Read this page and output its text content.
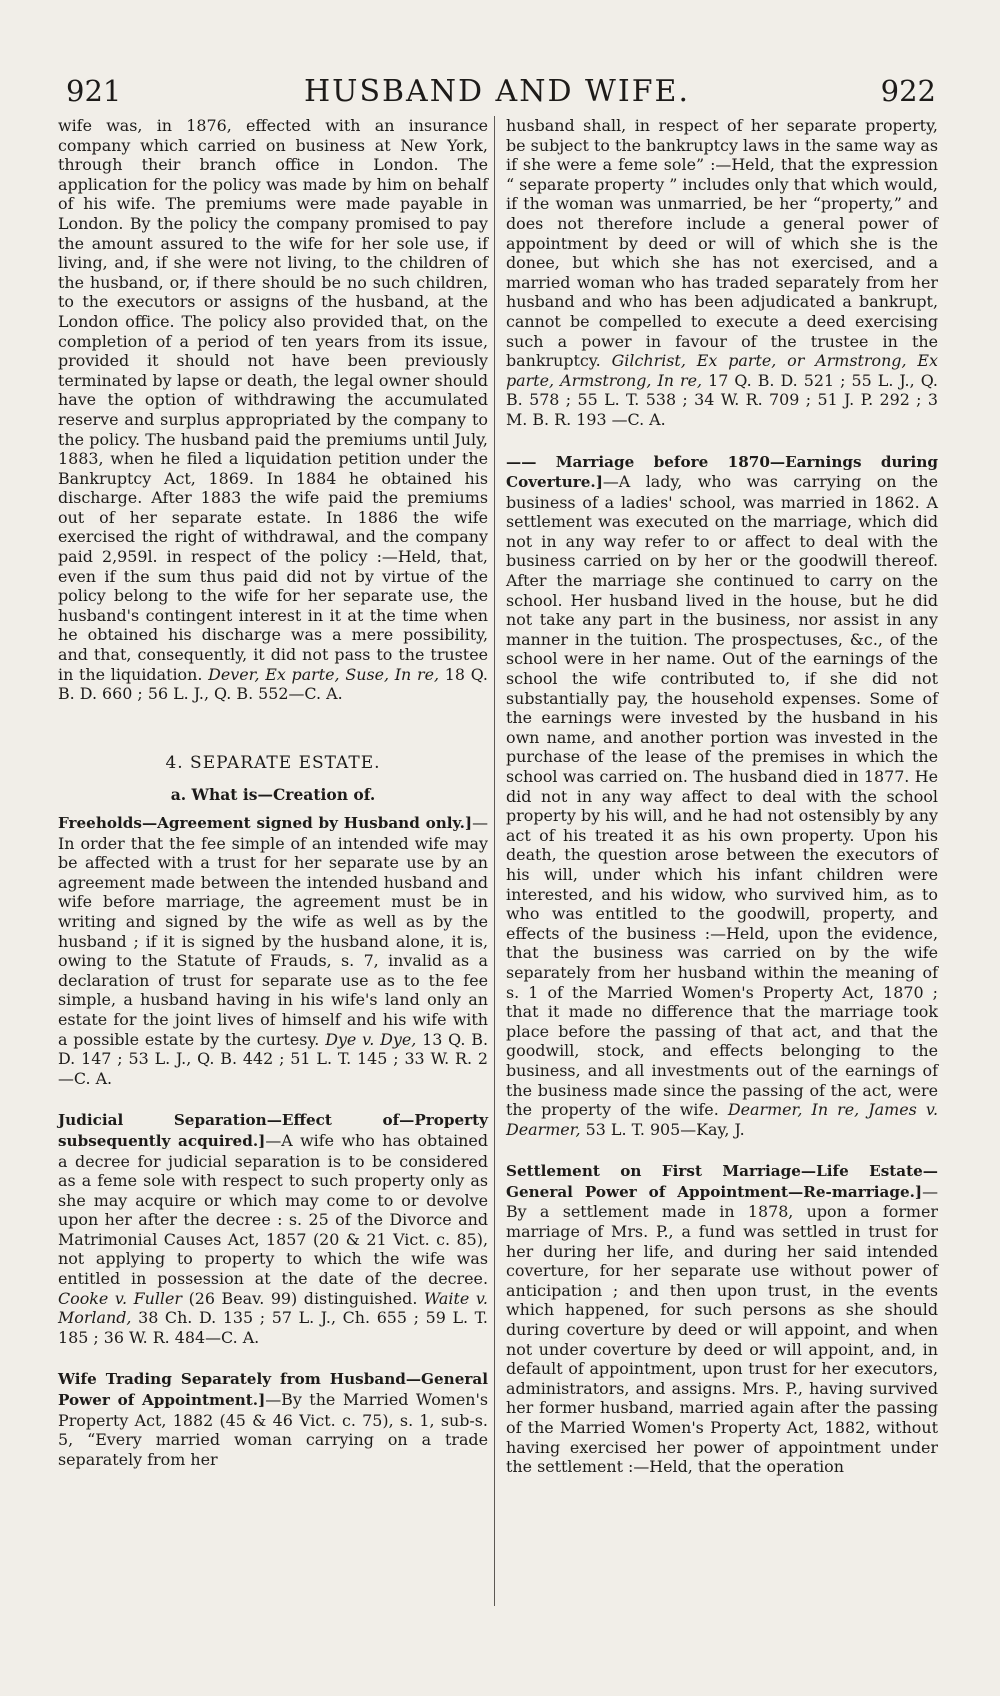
921	HUSBAND AND WIFE.	922

wife was, in 1876, effected with an insurance company which carried on business at New York, through their branch office in London. The application for the policy was made by him on behalf of his wife. The premiums were made payable in London. By the policy the company promised to pay the amount assured to the wife for her sole use, if living, and, if she were not living, to the children of the husband, or, if there should be no such children, to the executors or assigns of the husband, at the London office. The policy also provided that, on the completion of a period of ten years from its issue, provided it should not have been previously terminated by lapse or death, the legal owner should have the option of withdrawing the accumulated reserve and surplus appropriated by the company to the policy. The husband paid the premiums until July, 1883, when he filed a liquidation petition under the Bankruptcy Act, 1869. In 1884 he obtained his discharge. After 1883 the wife paid the premiums out of her separate estate. In 1886 the wife exercised the right of withdrawal, and the company paid 2,959l. in respect of the policy :—Held, that, even if the sum thus paid did not by virtue of the policy belong to the wife for her separate use, the husband's contingent interest in it at the time when he obtained his discharge was a mere possibility, and that, consequently, it did not pass to the trustee in the liquidation. Dever, Ex parte, Suse, In re, 18 Q. B. D. 660 ; 56 L. J., Q. B. 552—C. A.

4. SEPARATE ESTATE.
a. What is—Creation of.

Freeholds—Agreement signed by Husband only.]—In order that the fee simple of an intended wife may be affected with a trust for her separate use by an agreement made between the intended husband and wife before marriage, the agreement must be in writing and signed by the wife as well as by the husband ; if it is signed by the husband alone, it is, owing to the Statute of Frauds, s. 7, invalid as a declaration of trust for separate use as to the fee simple, a husband having in his wife's land only an estate for the joint lives of himself and his wife with a possible estate by the curtesy. Dye v. Dye, 13 Q. B. D. 147 ; 53 L. J., Q. B. 442 ; 51 L. T. 145 ; 33 W. R. 2—C. A.

Judicial Separation—Effect of—Property subsequently acquired.]—A wife who has obtained a decree for judicial separation is to be considered as a feme sole with respect to such property only as she may acquire or which may come to or devolve upon her after the decree : s. 25 of the Divorce and Matrimonial Causes Act, 1857 (20 & 21 Vict. c. 85), not applying to property to which the wife was entitled in possession at the date of the decree. Cooke v. Fuller (26 Beav. 99) distinguished. Waite v. Morland, 38 Ch. D. 135 ; 57 L. J., Ch. 655 ; 59 L. T. 185 ; 36 W. R. 484—C. A.

Wife Trading Separately from Husband—General Power of Appointment.]—By the Married Women's Property Act, 1882 (45 & 46 Vict. c. 75), s. 1, sub-s. 5, “Every married woman carrying on a trade separately from her

husband shall, in respect of her separate property, be subject to the bankruptcy laws in the same way as if she were a feme sole” :—Held, that the expression “ separate property ” includes only that which would, if the woman was unmarried, be her “property,” and does not therefore include a general power of appointment by deed or will of which she is the donee, but which she has not exercised, and a married woman who has traded separately from her husband and who has been adjudicated a bankrupt, cannot be compelled to execute a deed exercising such a power in favour of the trustee in the bankruptcy. Gilchrist, Ex parte, or Armstrong, Ex parte, Armstrong, In re, 17 Q. B. D. 521 ; 55 L. J., Q. B. 578 ; 55 L. T. 538 ; 34 W. R. 709 ; 51 J. P. 292 ; 3 M. B. R. 193 —C. A.

—— Marriage before 1870—Earnings during Coverture.]—A lady, who was carrying on the business of a ladies' school, was married in 1862. A settlement was executed on the marriage, which did not in any way refer to or affect to deal with the business carried on by her or the goodwill thereof. After the marriage she continued to carry on the school. Her husband lived in the house, but he did not take any part in the business, nor assist in any manner in the tuition. The prospectuses, &c., of the school were in her name. Out of the earnings of the school the wife contributed to, if she did not substantially pay, the household expenses. Some of the earnings were invested by the husband in his own name, and another portion was invested in the purchase of the lease of the premises in which the school was carried on. The husband died in 1877. He did not in any way affect to deal with the school property by his will, and he had not ostensibly by any act of his treated it as his own property. Upon his death, the question arose between the executors of his will, under which his infant children were interested, and his widow, who survived him, as to who was entitled to the goodwill, property, and effects of the business :—Held, upon the evidence, that the business was carried on by the wife separately from her husband within the meaning of s. 1 of the Married Women's Property Act, 1870 ; that it made no difference that the marriage took place before the passing of that act, and that the goodwill, stock, and effects belonging to the business, and all investments out of the earnings of the business made since the passing of the act, were the property of the wife. Dearmer, In re, James v. Dearmer, 53 L. T. 905—Kay, J.

Settlement on First Marriage—Life Estate—General Power of Appointment—Re-marriage.]—By a settlement made in 1878, upon a former marriage of Mrs. P., a fund was settled in trust for her during her life, and during her said intended coverture, for her separate use without power of anticipation ; and then upon trust, in the events which happened, for such persons as she should during coverture by deed or will appoint, and when not under coverture by deed or will appoint, and, in default of appointment, upon trust for her executors, administrators, and assigns. Mrs. P., having survived her former husband, married again after the passing of the Married Women's Property Act, 1882, without having exercised her power of appointment under the settlement :—Held, that the operation
